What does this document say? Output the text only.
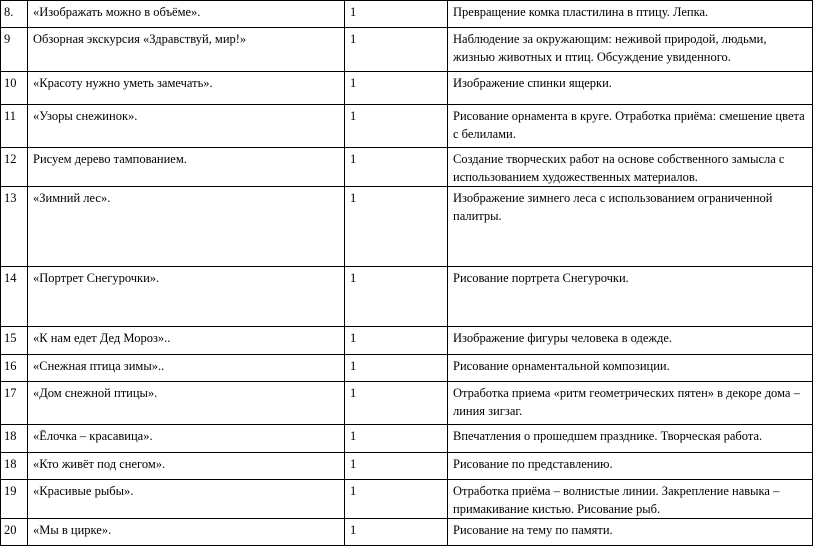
8.	«Изображать можно в объёме».	1	Превращение комка пластилина в птицу. Лепка.
9	Обзорная экскурсия «Здравствуй, мир!»	1	Наблюдение за окружающим: неживой природой, людьми, жизнью животных и птиц. Обсуждение увиденного.
10	«Красоту нужно уметь замечать».	1	Изображение спинки ящерки.
11	«Узоры снежинок».	1	Рисование орнамента в круге. Отработка приёма: смешение цвета с белилами.
12	Рисуем дерево тампованием.	1	Создание творческих работ на основе собственного замысла с использованием художественных материалов.
13	«Зимний лес».	1	Изображение зимнего леса с использованием ограниченной палитры.
14	«Портрет Снегурочки».	1	Рисование портрета Снегурочки.
15	«К нам едет Дед Мороз»..	1	Изображение фигуры человека в одежде.
16	«Снежная птица зимы»..	1	Рисование орнаментальной композиции.
17	«Дом снежной птицы».	1	Отработка приема «ритм геометрических пятен» в декоре дома – линия зигзаг.
18	«Ёлочка – красавица».	1	Впечатления о прошедшем празднике. Творческая работа.
18	«Кто живёт под снегом».	1	Рисование по представлению.
19	«Красивые рыбы».	1	Отработка приёма – волнистые линии. Закрепление навыка – примакивание кистью. Рисование рыб.
20	«Мы в цирке».	1	Рисование на тему по памяти.
